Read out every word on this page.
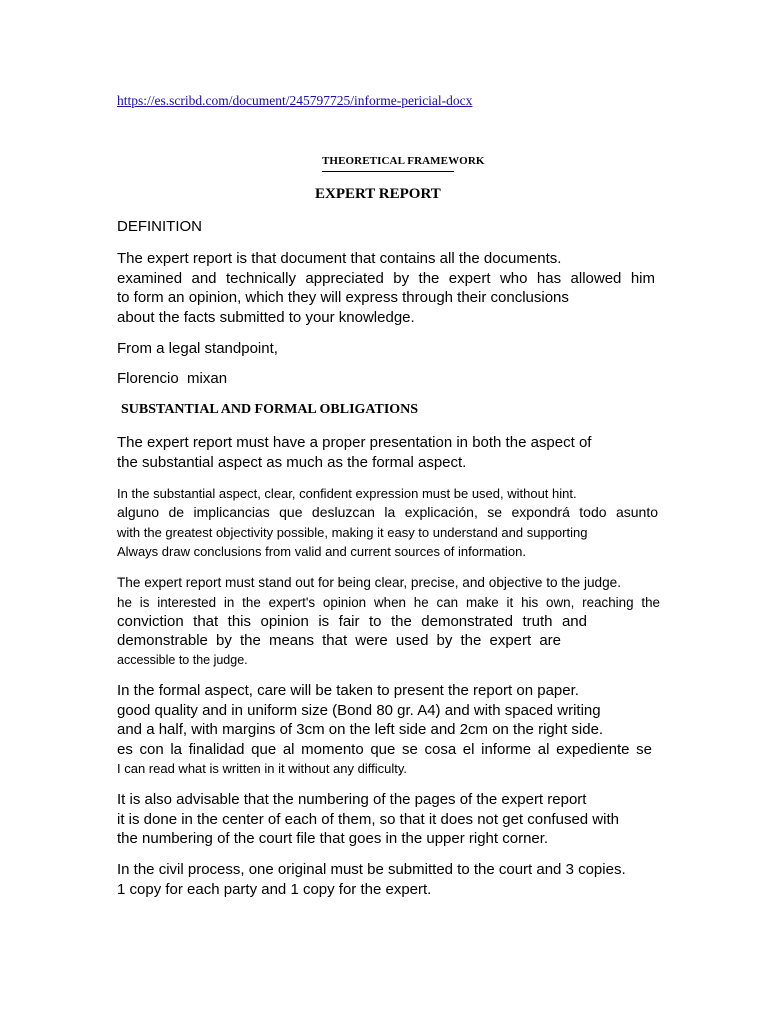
https://es.scribd.com/document/245797725/informe-pericial-docx
THEORETICAL FRAMEWORK
EXPERT REPORT
DEFINITION
The expert report is that document that contains all the documents.
examined and technically appreciated by the expert who has allowed him
to form an opinion, which they will express through their conclusions
about the facts submitted to your knowledge.
From a legal standpoint,
Florencio  mixan
SUBSTANTIAL AND FORMAL OBLIGATIONS
The expert report must have a proper presentation in both the aspect of
the substantial aspect as much as the formal aspect.
In the substantial aspect, clear, confident expression must be used, without hint.
alguno de implicancias que desluzcan la explicación, se expondrá todo asunto
with the greatest objectivity possible, making it easy to understand and supporting
Always draw conclusions from valid and current sources of information.
The expert report must stand out for being clear, precise, and objective to the judge.
he is interested in the expert's opinion when he can make it his own, reaching the
conviction that this opinion is fair to the demonstrated truth and
demonstrable by the means that were used by the expert are
accessible to the judge.
In the formal aspect, care will be taken to present the report on paper.
good quality and in uniform size (Bond 80 gr. A4) and with spaced writing
and a half, with margins of 3cm on the left side and 2cm on the right side.
es con la finalidad que al momento que se cosa el informe al expediente se
I can read what is written in it without any difficulty.
It is also advisable that the numbering of the pages of the expert report
it is done in the center of each of them, so that it does not get confused with
the numbering of the court file that goes in the upper right corner.
In the civil process, one original must be submitted to the court and 3 copies.
1 copy for each party and 1 copy for the expert.
